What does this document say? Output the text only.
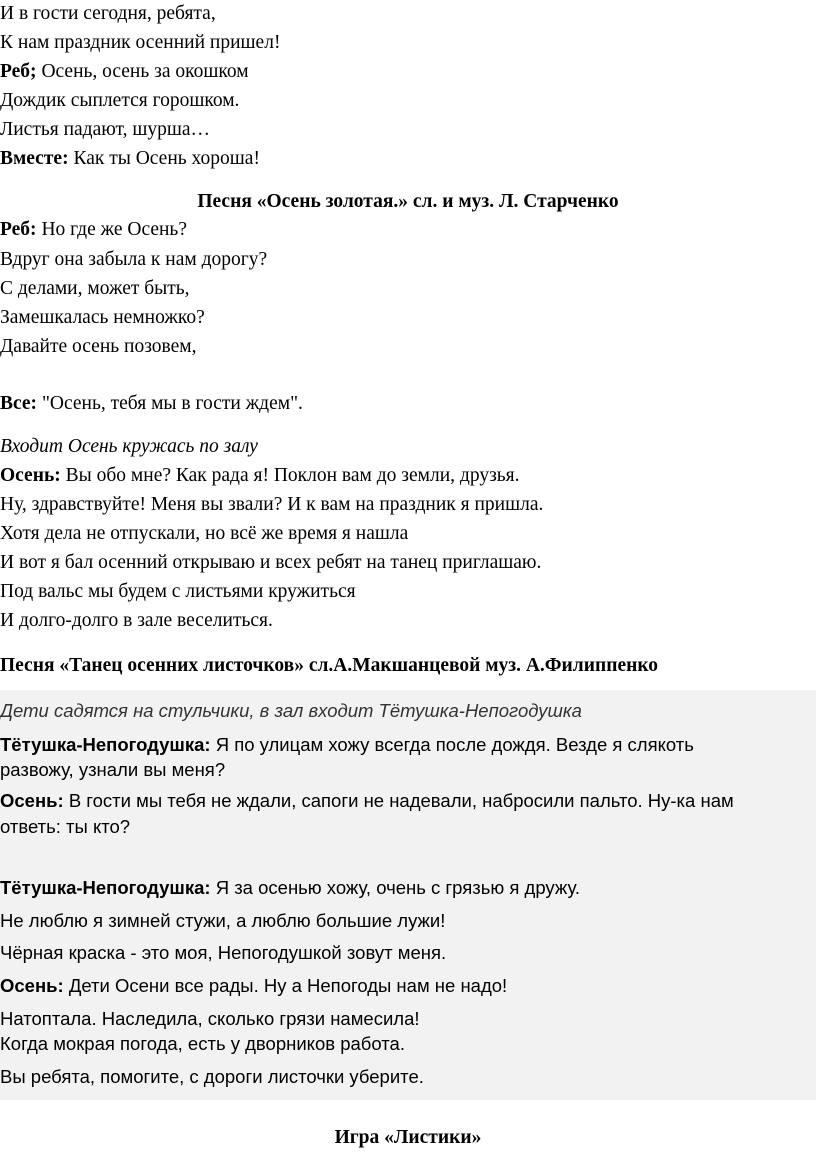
И в гости сегодня, ребята,
К нам праздник осенний пришел!
Реб; Осень, осень за окошком
Дождик сыплется горошком.
Листья падают, шурша…
Вместе: Как ты Осень хороша!
Песня «Осень золотая.» сл. и муз. Л. Старченко
Реб: Но где же Осень?
Вдруг она забыла к нам дорогу?
С делами, может быть,
Замешкалась немножко?
Давайте осень позовем,
Все: "Осень, тебя мы в гости ждем".
Входит Осень кружась по залу
Осень: Вы обо мне? Как рада я! Поклон вам до земли, друзья.
Ну, здравствуйте! Меня вы звали? И к вам на праздник я пришла.
Хотя дела не отпускали, но всё же время я нашла
И вот я бал осенний открываю и всех ребят на танец приглашаю.
Под вальс мы будем с листьями кружиться
И долго-долго в зале веселиться.
Песня «Танец осенних листочков» сл.А.Макшанцевой муз. А.Филиппенко
Дети садятся на стульчики, в зал входит Тётушка-Непогодушка
Тётушка-Непогодушка: Я по улицам хожу всегда после дождя. Везде я слякоть
развожу, узнали вы меня?
Осень: В гости мы тебя не ждали, сапоги не надевали, набросили пальто. Ну-ка нам
ответь: ты кто?
Тётушка-Непогодушка: Я за осенью хожу, очень с грязью я дружу.
Не люблю я зимней стужи, а люблю большие лужи!
Чёрная краска - это моя, Непогодушкой зовут меня.
Осень: Дети Осени все рады. Ну а Непогоды нам не надо!
Натоптала. Наследила, сколько грязи намесила!
Когда мокрая погода, есть у дворников работа.
Вы ребята, помогите, с дороги листочки уберите.
Игра «Листики»
